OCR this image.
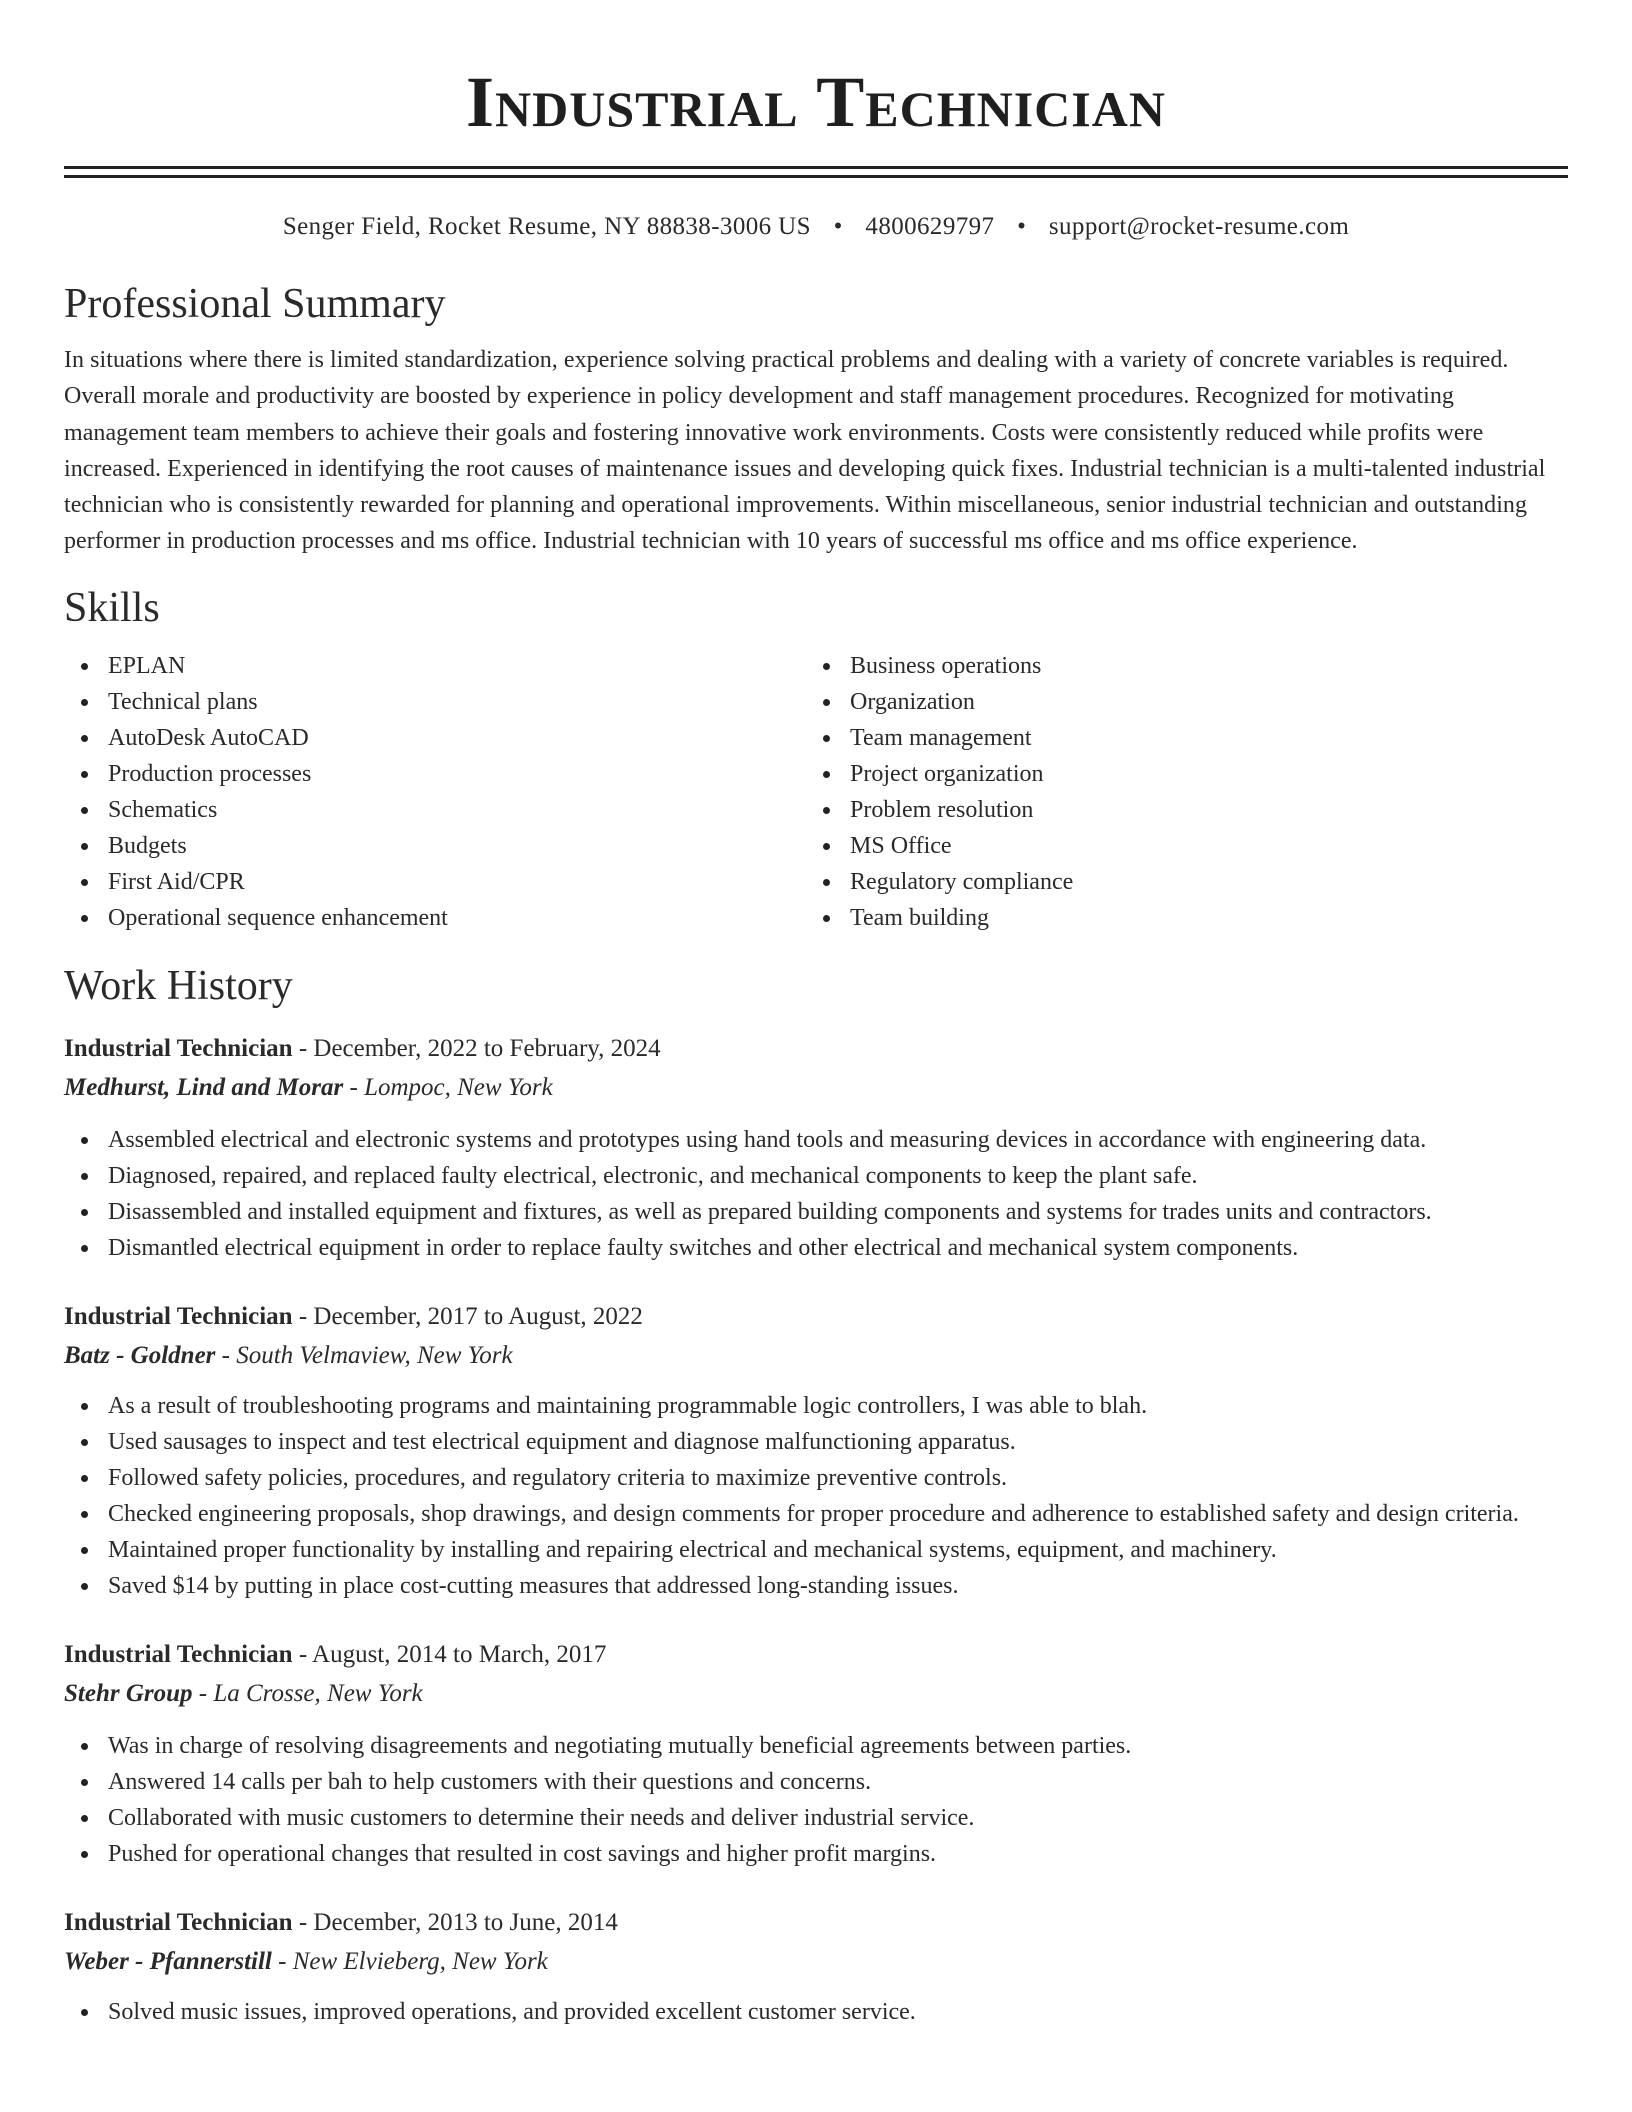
Industrial Technician
Senger Field, Rocket Resume, NY 88838-3006 US • 4800629797 • support@rocket-resume.com
Professional Summary

In situations where there is limited standardization, experience solving practical problems and dealing with a variety of concrete variables is required. Overall morale and productivity are boosted by experience in policy development and staff management procedures. Recognized for motivating management team members to achieve their goals and fostering innovative work environments. Costs were consistently reduced while profits were increased. Experienced in identifying the root causes of maintenance issues and developing quick fixes. Industrial technician is a multi-talented industrial technician who is consistently rewarded for planning and operational improvements. Within miscellaneous, senior industrial technician and outstanding performer in production processes and ms office. Industrial technician with 10 years of successful ms office and ms office experience.

Skills
EPLAN
Technical plans
AutoDesk AutoCAD
Production processes
Schematics
Budgets
First Aid/CPR
Operational sequence enhancement
Business operations
Organization
Team management
Project organization
Problem resolution
MS Office
Regulatory compliance
Team building
Work History
Industrial Technician - December, 2022 to February, 2024
Medhurst, Lind and Morar - Lompoc, New York
Assembled electrical and electronic systems and prototypes using hand tools and measuring devices in accordance with engineering data.
Diagnosed, repaired, and replaced faulty electrical, electronic, and mechanical components to keep the plant safe.
Disassembled and installed equipment and fixtures, as well as prepared building components and systems for trades units and contractors.
Dismantled electrical equipment in order to replace faulty switches and other electrical and mechanical system components.
Industrial Technician - December, 2017 to August, 2022
Batz - Goldner - South Velmaview, New York
As a result of troubleshooting programs and maintaining programmable logic controllers, I was able to blah.
Used sausages to inspect and test electrical equipment and diagnose malfunctioning apparatus.
Followed safety policies, procedures, and regulatory criteria to maximize preventive controls.
Checked engineering proposals, shop drawings, and design comments for proper procedure and adherence to established safety and design criteria.
Maintained proper functionality by installing and repairing electrical and mechanical systems, equipment, and machinery.
Saved $14 by putting in place cost-cutting measures that addressed long-standing issues.
Industrial Technician - August, 2014 to March, 2017
Stehr Group - La Crosse, New York
Was in charge of resolving disagreements and negotiating mutually beneficial agreements between parties.
Answered 14 calls per bah to help customers with their questions and concerns.
Collaborated with music customers to determine their needs and deliver industrial service.
Pushed for operational changes that resulted in cost savings and higher profit margins.
Industrial Technician - December, 2013 to June, 2014
Weber - Pfannerstill - New Elvieberg, New York
Solved music issues, improved operations, and provided excellent customer service.
